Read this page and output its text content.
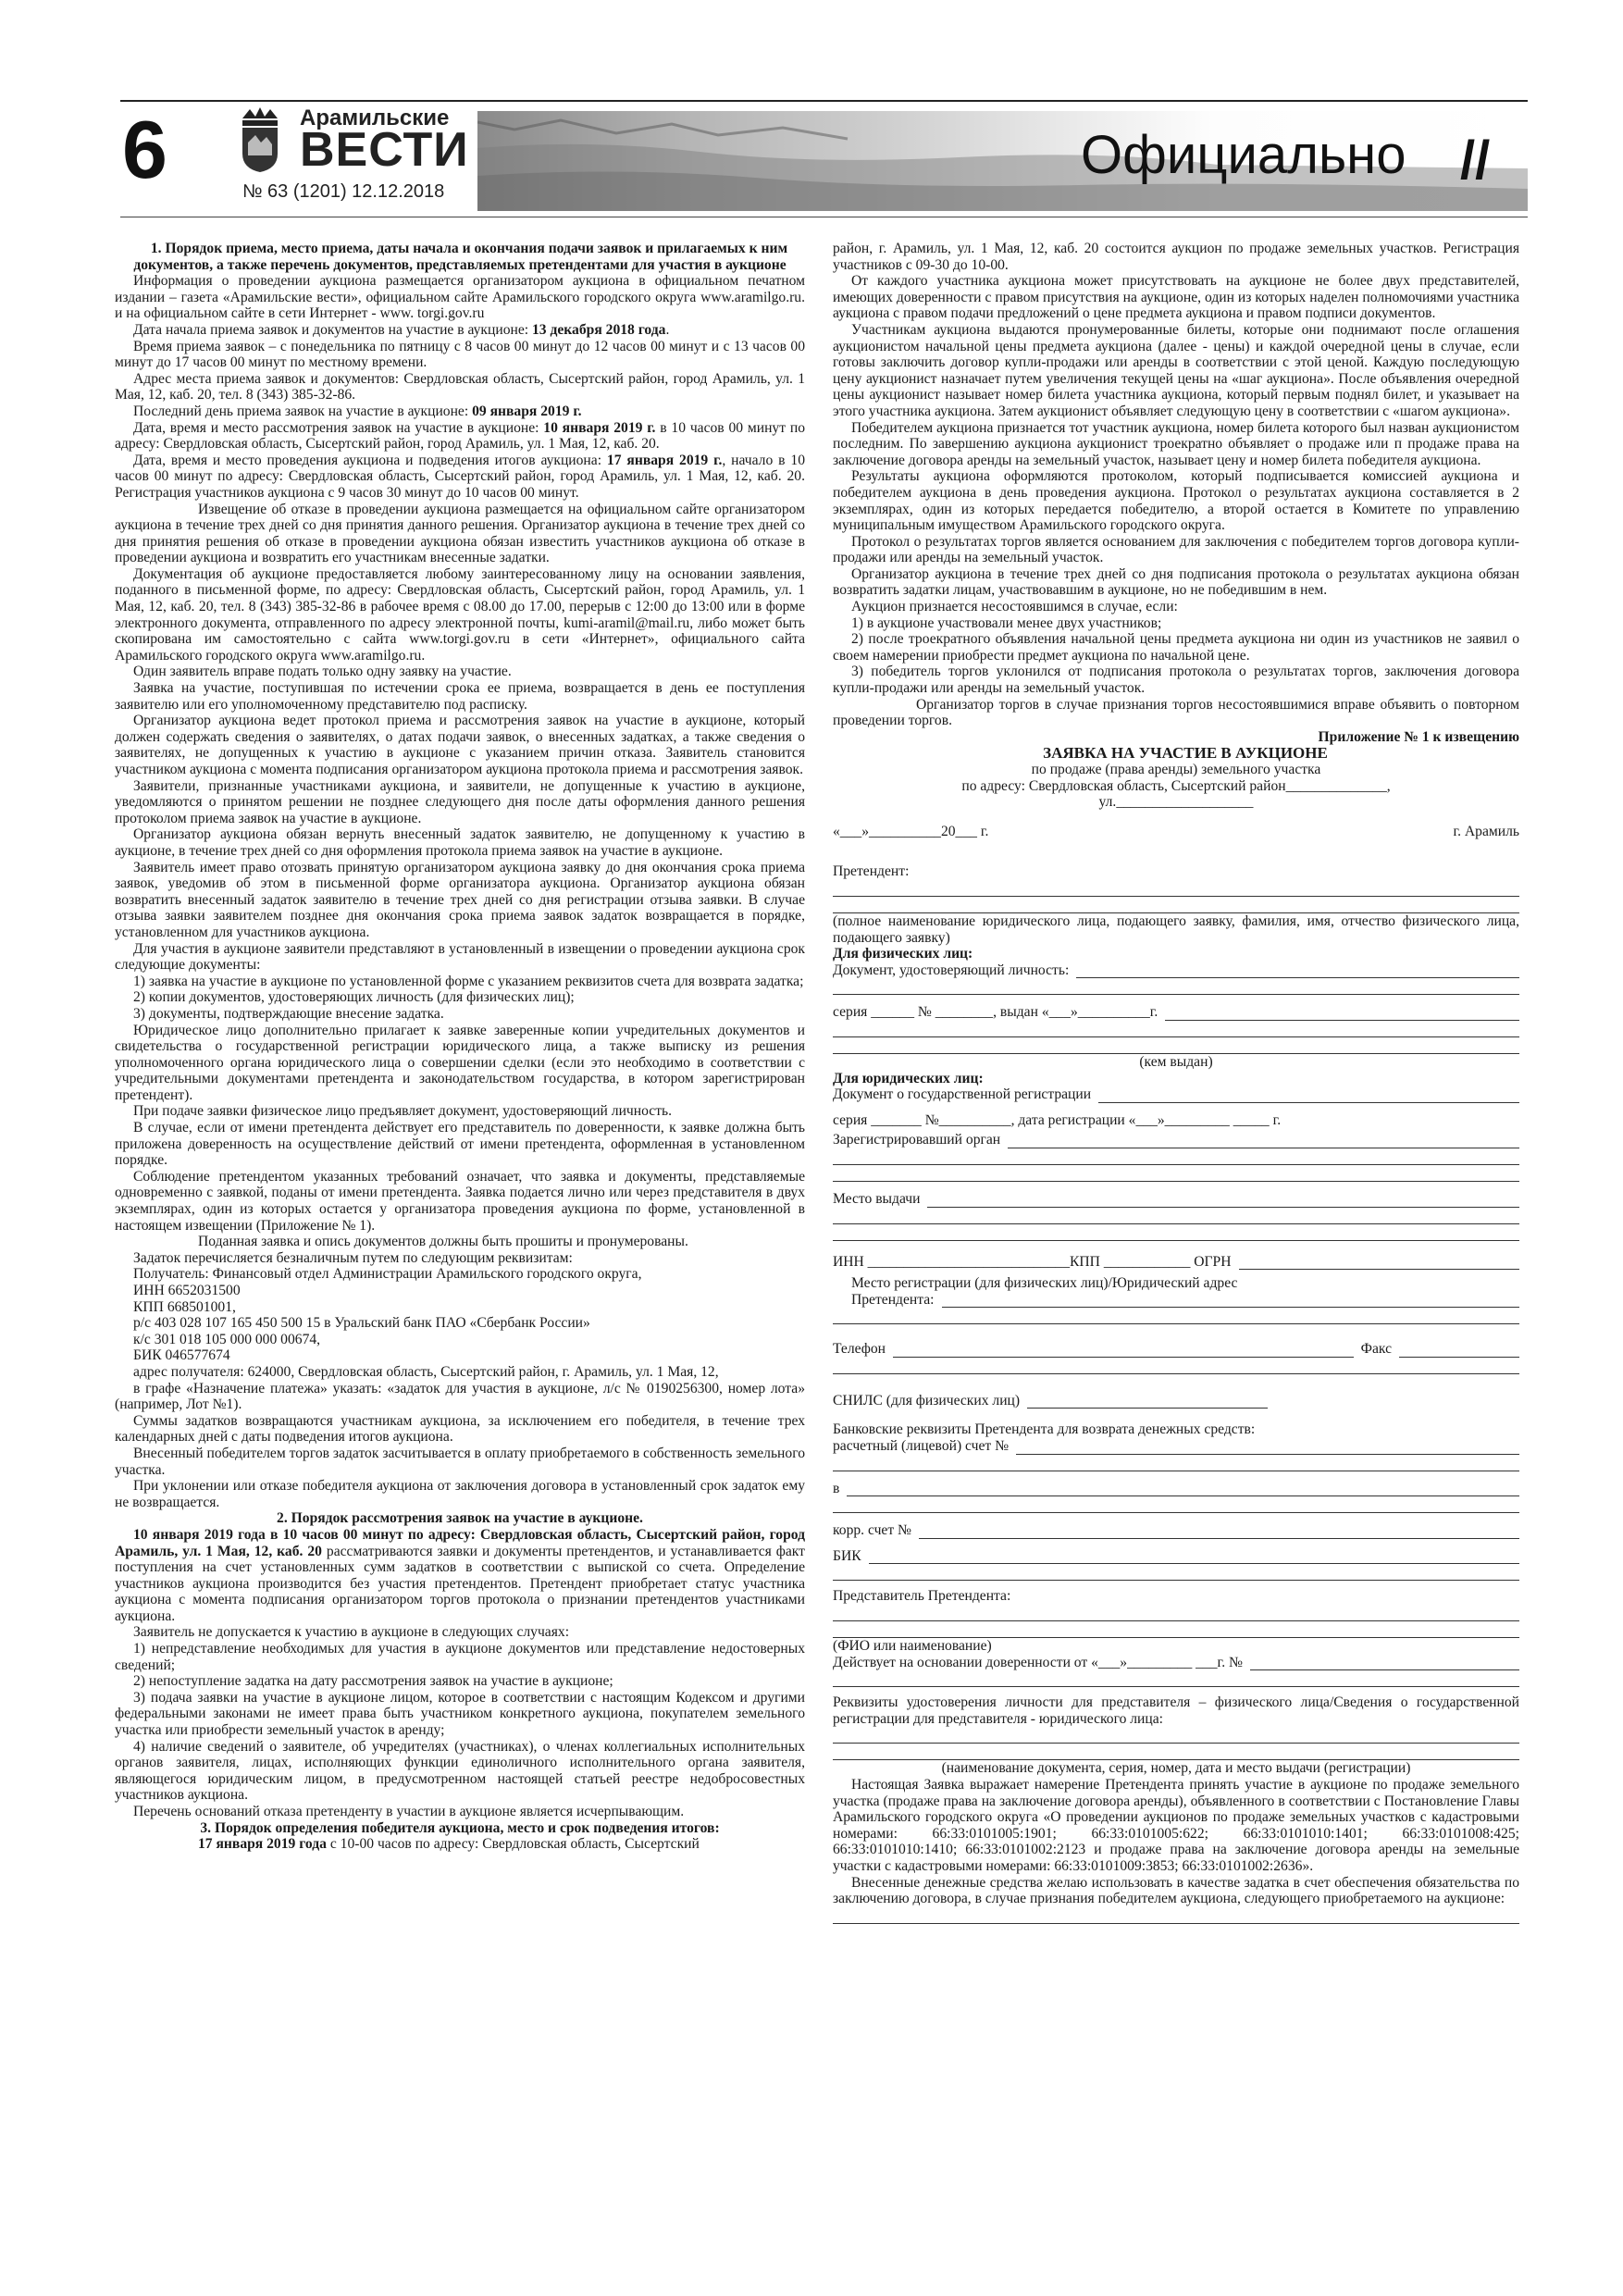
6	Арамильские
ВЕСТИ
№ 63 (1201) 12.12.2018
Официально //

1. Порядок приема, место приема, даты начала и окончания подачи заявок и прилагаемых к ним документов, а также перечень документов, представляемых претендентами для участия в аукционе

Информация о проведении аукциона размещается организатором аукциона в официальном печатном издании – газета «Арамильские вести», официальном сайте Арамильского городского округа www.aramilgo.ru. и на официальном сайте в сети Интернет - www. torgi.gov.ru

Дата начала приема заявок и документов на участие в аукционе: 13 декабря 2018 года.

Время приема заявок – с понедельника по пятницу с 8 часов 00 минут до 12 часов 00 минут и с 13 часов 00 минут до 17 часов 00 минут по местному времени.

Адрес места приема заявок и документов: Свердловская область, Сысертский район, город Арамиль, ул. 1 Мая, 12, каб. 20, тел. 8 (343) 385-32-86.

Последний день приема заявок на участие в аукционе: 09 января 2019 г.

Дата, время и место рассмотрения заявок на участие в аукционе: 10 января 2019 г. в 10 часов 00 минут по адресу: Свердловская область, Сысертский район, город Арамиль, ул. 1 Мая, 12, каб. 20.

Дата, время и место проведения аукциона и подведения итогов аукциона: 17 января 2019 г., начало в 10 часов 00 минут по адресу: Свердловская область, Сысертский район, город Арамиль, ул. 1 Мая, 12, каб. 20. Регистрация участников аукциона с 9 часов 30 минут до 10 часов 00 минут.

Извещение об отказе в проведении аукциона размещается на официальном сайте организатором аукциона в течение трех дней со дня принятия данного решения. Организатор аукциона в течение трех дней со дня принятия решения об отказе в проведении аукциона обязан известить участников аукциона об отказе в проведении аукциона и возвратить его участникам внесенные задатки.

Документация об аукционе предоставляется любому заинтересованному лицу на основании заявления, поданного в письменной форме, по адресу: Свердловская область, Сысертский район, город Арамиль, ул. 1 Мая, 12, каб. 20, тел. 8 (343) 385-32-86 в рабочее время с 08.00 до 17.00, перерыв с 12:00 до 13:00 или в форме электронного документа, отправленного по адресу электронной почты, kumi-aramil@mail.ru, либо может быть скопирована им самостоятельно с сайта www.torgi.gov.ru в сети «Интернет», официального сайта Арамильского городского округа www.aramilgo.ru.

Один заявитель вправе подать только одну заявку на участие.

Заявка на участие, поступившая по истечении срока ее приема, возвращается в день ее поступления заявителю или его уполномоченному представителю под расписку.

Организатор аукциона ведет протокол приема и рассмотрения заявок на участие в аукционе, который должен содержать сведения о заявителях, о датах подачи заявок, о внесенных задатках, а также сведения о заявителях, не допущенных к участию в аукционе с указанием причин отказа. Заявитель становится участником аукциона с момента подписания организатором аукциона протокола приема и рассмотрения заявок.

Заявители, признанные участниками аукциона, и заявители, не допущенные к участию в аукционе, уведомляются о принятом решении не позднее следующего дня после даты оформления данного решения протоколом приема заявок на участие в аукционе.

Организатор аукциона обязан вернуть внесенный задаток заявителю, не допущенному к участию в аукционе, в течение трех дней со дня оформления протокола приема заявок на участие в аукционе.

Заявитель имеет право отозвать принятую организатором аукциона заявку до дня окончания срока приема заявок, уведомив об этом в письменной форме организатора аукциона. Организатор аукциона обязан возвратить внесенный задаток заявителю в течение трех дней со дня регистрации отзыва заявки. В случае отзыва заявки заявителем позднее дня окончания срока приема заявок задаток возвращается в порядке, установленном для участников аукциона.

Для участия в аукционе заявители представляют в установленный в извещении о проведении аукциона срок следующие документы:

1) заявка на участие в аукционе по установленной форме с указанием реквизитов счета для возврата задатка;

2) копии документов, удостоверяющих личность (для физических лиц);

3) документы, подтверждающие внесение задатка.

Юридическое лицо дополнительно прилагает к заявке заверенные копии учредительных документов и свидетельства о государственной регистрации юридического лица, а также выписку из решения уполномоченного органа юридического лица о совершении сделки (если это необходимо в соответствии с учредительными документами претендента и законодательством государства, в котором зарегистрирован претендент).

При подаче заявки физическое лицо предъявляет документ, удостоверяющий личность.

В случае, если от имени претендента действует его представитель по доверенности, к заявке должна быть приложена доверенность на осуществление действий от имени претендента, оформленная в установленном порядке.

Соблюдение претендентом указанных требований означает, что заявка и документы, представляемые одновременно с заявкой, поданы от имени претендента. Заявка подается лично или через представителя в двух экземплярах, один из которых остается у организатора проведения аукциона по форме, установленной в настоящем извещении (Приложение № 1).

Поданная заявка и опись документов должны быть прошиты и пронумерованы.

Задаток перечисляется безналичным путем по следующим реквизитам:

Получатель: Финансовый отдел Администрации Арамильского городского округа,

ИНН 6652031500

КПП 668501001,

р/с 403 028 107 165 450 500 15 в Уральский банк ПАО «Сбербанк России»

к/с 301 018 105 000 000 00674,

БИК 046577674

адрес получателя: 624000, Свердловская область, Сысертский район, г. Арамиль, ул. 1 Мая, 12,

в графе «Назначение платежа» указать: «задаток для участия в аукционе, л/с № 0190256300, номер лота» (например, Лот №1).

Суммы задатков возвращаются участникам аукциона, за исключением его победителя, в течение трех календарных дней с даты подведения итогов аукциона.

Внесенный победителем торгов задаток засчитывается в оплату приобретаемого в собственность земельного участка.

При уклонении или отказе победителя аукциона от заключения договора в установленный срок задаток ему не возвращается.

2. Порядок рассмотрения заявок на участие в аукционе.

10 января 2019 года в 10 часов 00 минут по адресу: Свердловская область, Сысертский район, город Арамиль, ул. 1 Мая, 12, каб. 20 рассматриваются заявки и документы претендентов, и устанавливается факт поступления на счет установленных сумм задатков в соответствии с выпиской со счета. Определение участников аукциона производится без участия претендентов. Претендент приобретает статус участника аукциона с момента подписания организатором торгов протокола о признании претендентов участниками аукциона.

Заявитель не допускается к участию в аукционе в следующих случаях:

1) непредставление необходимых для участия в аукционе документов или представление недостоверных сведений;

2) непоступление задатка на дату рассмотрения заявок на участие в аукционе;

3) подача заявки на участие в аукционе лицом, которое в соответствии с настоящим Кодексом и другими федеральными законами не имеет права быть участником конкретного аукциона, покупателем земельного участка или приобрести земельный участок в аренду;

4) наличие сведений о заявителе, об учредителях (участниках), о членах коллегиальных исполнительных органов заявителя, лицах, исполняющих функции единоличного исполнительного органа заявителя, являющегося юридическим лицом, в предусмотренном настоящей статьей реестре недобросовестных участников аукциона.

Перечень оснований отказа претенденту в участии в аукционе является исчерпывающим.

3. Порядок определения победителя аукциона, место и срок подведения итогов:

17 января 2019 года с 10-00 часов по адресу: Свердловская область, Сысертский

район, г. Арамиль, ул. 1 Мая, 12, каб. 20 состоится аукцион по продаже земельных участков. Регистрация участников с 09-30 до 10-00.

От каждого участника аукциона может присутствовать на аукционе не более двух представителей, имеющих доверенности с правом присутствия на аукционе, один из которых наделен полномочиями участника аукциона с правом подачи предложений о цене предмета аукциона и правом подписи документов.

Участникам аукциона выдаются пронумерованные билеты, которые они поднимают после оглашения аукционистом начальной цены предмета аукциона (далее - цены) и каждой очередной цены в случае, если готовы заключить договор купли-продажи или аренды в соответствии с этой ценой. Каждую последующую цену аукционист назначает путем увеличения текущей цены на «шаг аукциона». После объявления очередной цены аукционист называет номер билета участника аукциона, который первым поднял билет, и указывает на этого участника аукциона. Затем аукционист объявляет следующую цену в соответствии с «шагом аукциона».

Победителем аукциона признается тот участник аукциона, номер билета которого был назван аукционистом последним. По завершению аукциона аукционист троекратно объявляет о продаже или п продаже права на заключение договора аренды на земельный участок, называет цену и номер билета победителя аукциона.

Результаты аукциона оформляются протоколом, который подписывается комиссией аукциона и победителем аукциона в день проведения аукциона. Протокол о результатах аукциона составляется в 2 экземплярах, один из которых передается победителю, а второй остается в Комитете по управлению муниципальным имуществом Арамильского городского округа.

Протокол о результатах торгов является основанием для заключения с победителем торгов договора купли-продажи или аренды на земельный участок.

Организатор аукциона в течение трех дней со дня подписания протокола о результатах аукциона обязан возвратить задатки лицам, участвовавшим в аукционе, но не победившим в нем.

Аукцион признается несостоявшимся в случае, если:

1) в аукционе участвовали менее двух участников;

2) после троекратного объявления начальной цены предмета аукциона ни один из участников не заявил о своем намерении приобрести предмет аукциона по начальной цене.

3) победитель торгов уклонился от подписания протокола о результатах торгов, заключения договора купли-продажи или аренды на земельный участок.

Организатор торгов в случае признания торгов несостоявшимися вправе объявить о повторном проведении торгов.

Приложение № 1 к извещению

ЗАЯВКА НА УЧАСТИЕ В АУКЦИОНЕ

по продаже (права аренды) земельного участка

по адресу: Свердловская область, Сысертский район______________,

ул.___________________

«___»__________20___ г.	г. Арамиль
Претендент:

(полное наименование юридического лица, подающего заявку, фамилия, имя, отчество физического лица, подающего заявку)

Для физических лиц:

Документ, удостоверяющий личность:
серия ______ № ________, выдан «___»__________г.

(кем выдан)

Для юридических лиц:

Документ о государственной регистрации
серия _______ №__________, дата регистрации «___»_________ _____ г.
Зарегистрировавший орган
Место выдачи
ИНН ____________________________КПП ____________ ОГРН

Место регистрации (для физических лиц)/Юридический адрес

Претендента:
Телефон	Факс
СНИЛС (для физических лиц)

Банковские реквизиты Претендента для возврата денежных средств:

расчетный (лицевой) счет №
в
корр. счет №
БИК

Представитель Претендента:

(ФИО или наименование)

Действует на основании доверенности от «___»_________ ___г. №

Реквизиты удостоверения личности для представителя – физического лица/Сведения о государственной регистрации для представителя - юридического лица:

(наименование документа, серия, номер, дата и место выдачи (регистрации)

Настоящая Заявка выражает намерение Претендента принять участие в аукционе по продаже земельного участка (продаже права на заключение договора аренды), объявленного в соответствии с Постановление Главы Арамильского городского округа «О проведении аукционов по продаже земельных участков с кадастровыми номерами: 66:33:0101005:1901; 66:33:0101005:622; 66:33:0101010:1401; 66:33:0101008:425; 66:33:0101010:1410; 66:33:0101002:2123 и продаже права на заключение договора аренды на земельные участки с кадастровыми номерами: 66:33:0101009:3853; 66:33:0101002:2636».

Внесенные денежные средства желаю использовать в качестве задатка в счет обеспечения обязательства по заключению договора, в случае признания победителем аукциона, следующего приобретаемого на аукционе:
